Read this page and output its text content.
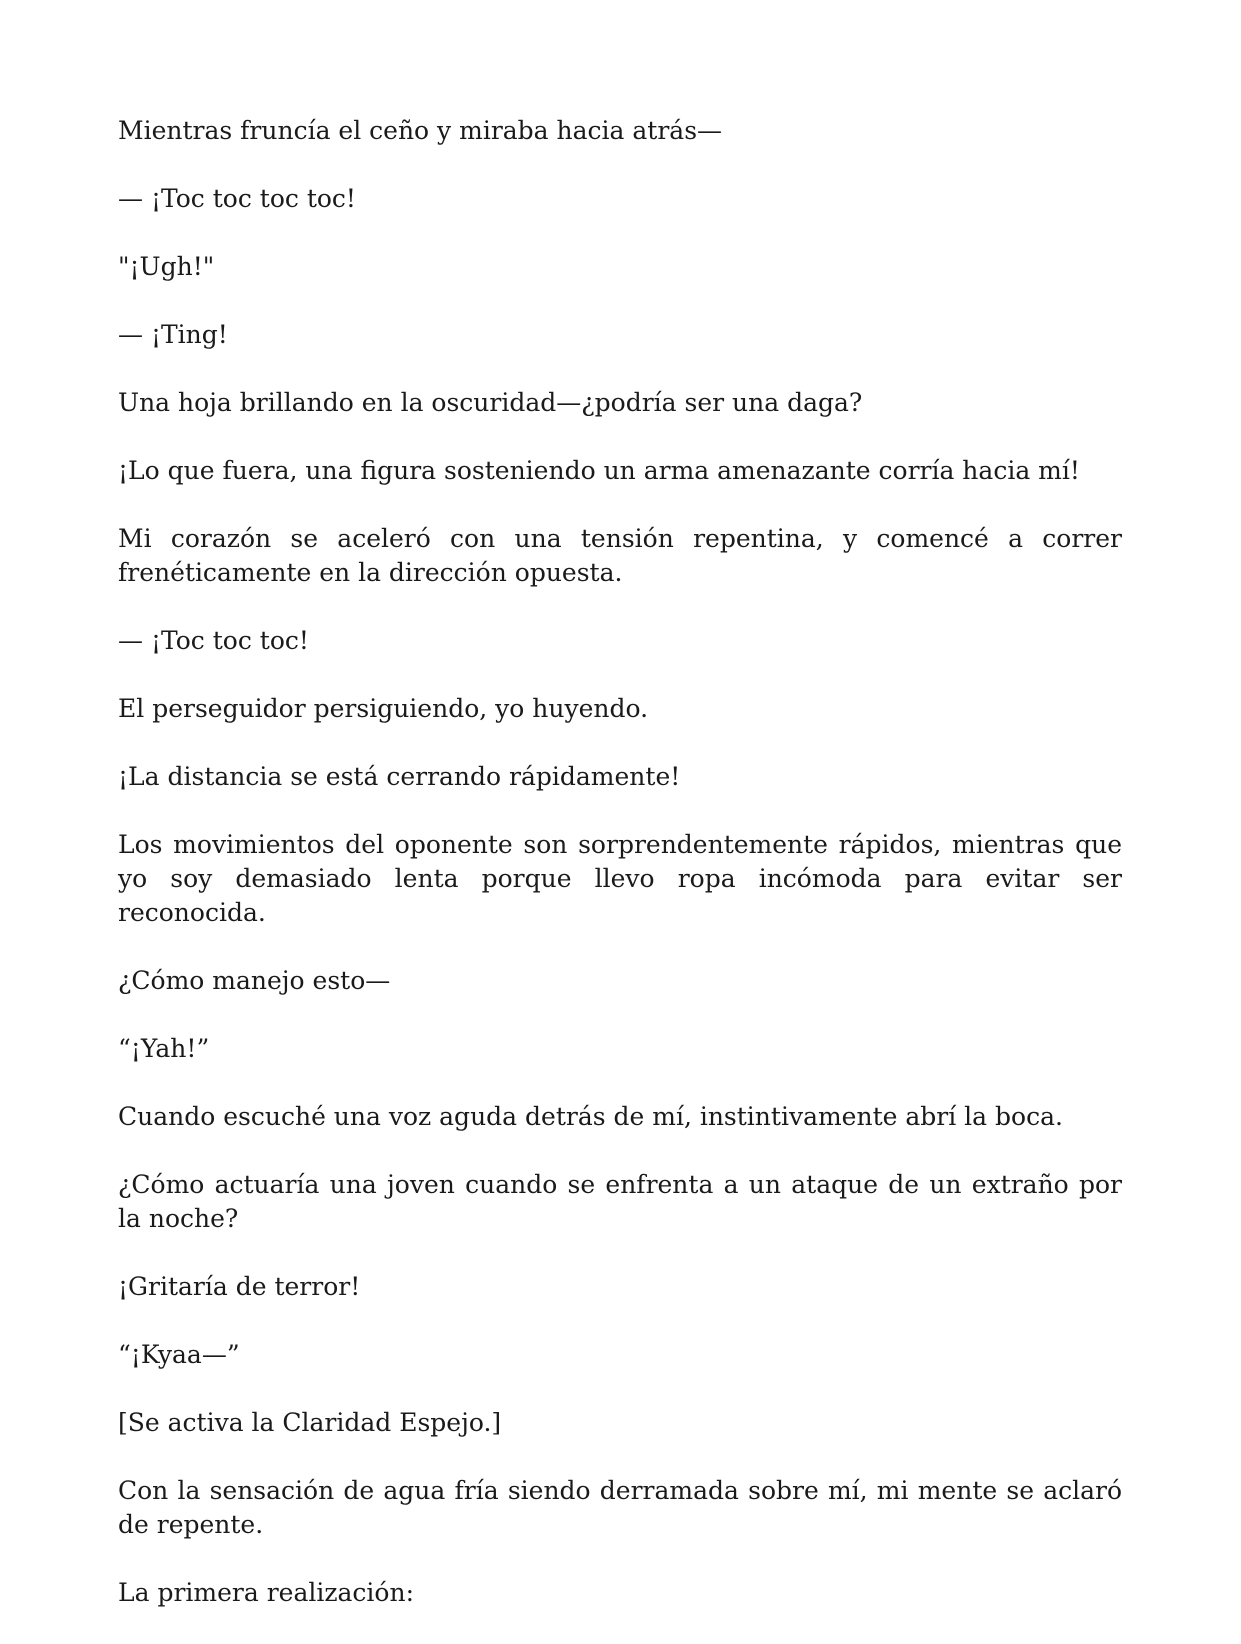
Mientras fruncía el ceño y miraba hacia atrás—

— ¡Toc toc toc toc!

"¡Ugh!"

— ¡Ting!

Una hoja brillando en la oscuridad—¿podría ser una daga?

¡Lo que fuera, una figura sosteniendo un arma amenazante corría hacia mí!

Mi corazón se aceleró con una tensión repentina, y comencé a correr frenéticamente en la dirección opuesta.

— ¡Toc toc toc!

El perseguidor persiguiendo, yo huyendo.

¡La distancia se está cerrando rápidamente!

Los movimientos del oponente son sorprendentemente rápidos, mientras que yo soy demasiado lenta porque llevo ropa incómoda para evitar ser reconocida.

¿Cómo manejo esto—

“¡Yah!”

Cuando escuché una voz aguda detrás de mí, instintivamente abrí la boca.

¿Cómo actuaría una joven cuando se enfrenta a un ataque de un extraño por la noche?

¡Gritaría de terror!

“¡Kyaa—”

[Se activa la Claridad Espejo.]

Con la sensación de agua fría siendo derramada sobre mí, mi mente se aclaró de repente.

La primera realización:
